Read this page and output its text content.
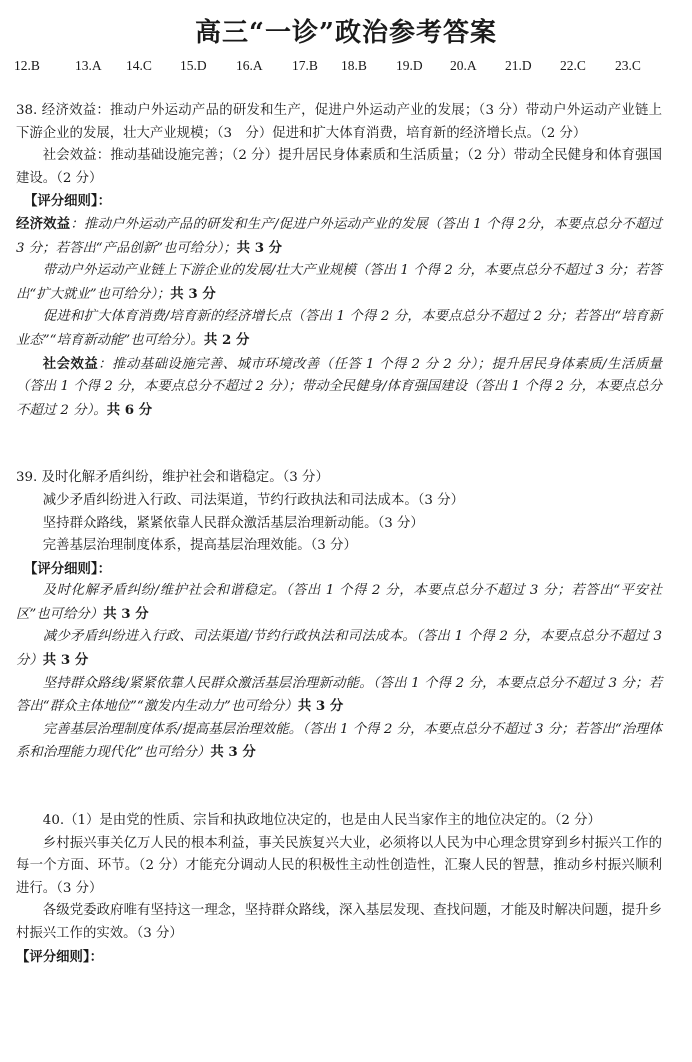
高三“一诊”政治参考答案
12.B	13.A 14.C 15.D 16.A 17.B 18.B 19.D 20.A 21.D 22.C 23.C

38. 经济效益：推动户外运动产品的研发和生产，促进户外运动产业的发展；（3 分）带动户外运动产业链上下游企业的发展，壮大产业规模；（3　分）促进和扩大体育消费，培育新的经济增长点。（2 分）

社会效益：推动基础设施完善；（2 分）提升居民身体素质和生活质量；（2 分）带动全民健身和体育强国建设。（2 分）

【评分细则】：

经济效益：推动户外运动产品的研发和生产/促进户外运动产业的发展（答出 1 个得 2分，本要点总分不超过 3 分；若答出“产品创新”也可给分）；共 3 分

带动户外运动产业链上下游企业的发展/壮大产业规模（答出 1 个得 2 分，本要点总分不超过 3 分；若答出“扩大就业”也可给分）；共 3 分

促进和扩大体育消费/培育新的经济增长点（答出 1 个得 2 分，本要点总分不超过 2 分；若答出“培育新业态”“培育新动能”也可给分）。共 2 分

社会效益：推动基础设施完善、城市环境改善（任答 1 个得 2 分 2 分）；提升居民身体素质/生活质量（答出 1 个得 2 分，本要点总分不超过 2 分）；带动全民健身/体育强国建设（答出 1 个得 2 分，本要点总分不超过 2 分）。共 6 分

39. 及时化解矛盾纠纷，维护社会和谐稳定。（3 分）

减少矛盾纠纷进入行政、司法渠道，节约行政执法和司法成本。（3 分）

坚持群众路线，紧紧依靠人民群众激活基层治理新动能。（3 分）

完善基层治理制度体系，提高基层治理效能。（3 分）

【评分细则】：

及时化解矛盾纠纷/维护社会和谐稳定。（答出 1 个得 2 分，本要点总分不超过 3 分；若答出“平安社区”也可给分）共 3 分

减少矛盾纠纷进入行政、司法渠道/节约行政执法和司法成本。（答出 1 个得 2 分，本要点总分不超过 3 分）共 3 分

坚持群众路线/紧紧依靠人民群众激活基层治理新动能。（答出 1 个得 2 分，本要点总分不超过 3 分；若答出“群众主体地位”“激发内生动力”也可给分）共 3 分

完善基层治理制度体系/提高基层治理效能。（答出 1 个得 2 分，本要点总分不超过 3 分；若答出“治理体系和治理能力现代化”也可给分）共 3 分

40.（1）是由党的性质、宗旨和执政地位决定的，也是由人民当家作主的地位决定的。（2 分）

乡村振兴事关亿万人民的根本利益，事关民族复兴大业，必须将以人民为中心理念贯穿到乡村振兴工作的每一个方面、环节。（2 分）才能充分调动人民的积极性主动性创造性，汇聚人民的智慧，推动乡村振兴顺利进行。（3 分）

各级党委政府唯有坚持这一理念，坚持群众路线，深入基层发现、查找问题，才能及时解决问题，提升乡村振兴工作的实效。（3 分）

【评分细则】：
